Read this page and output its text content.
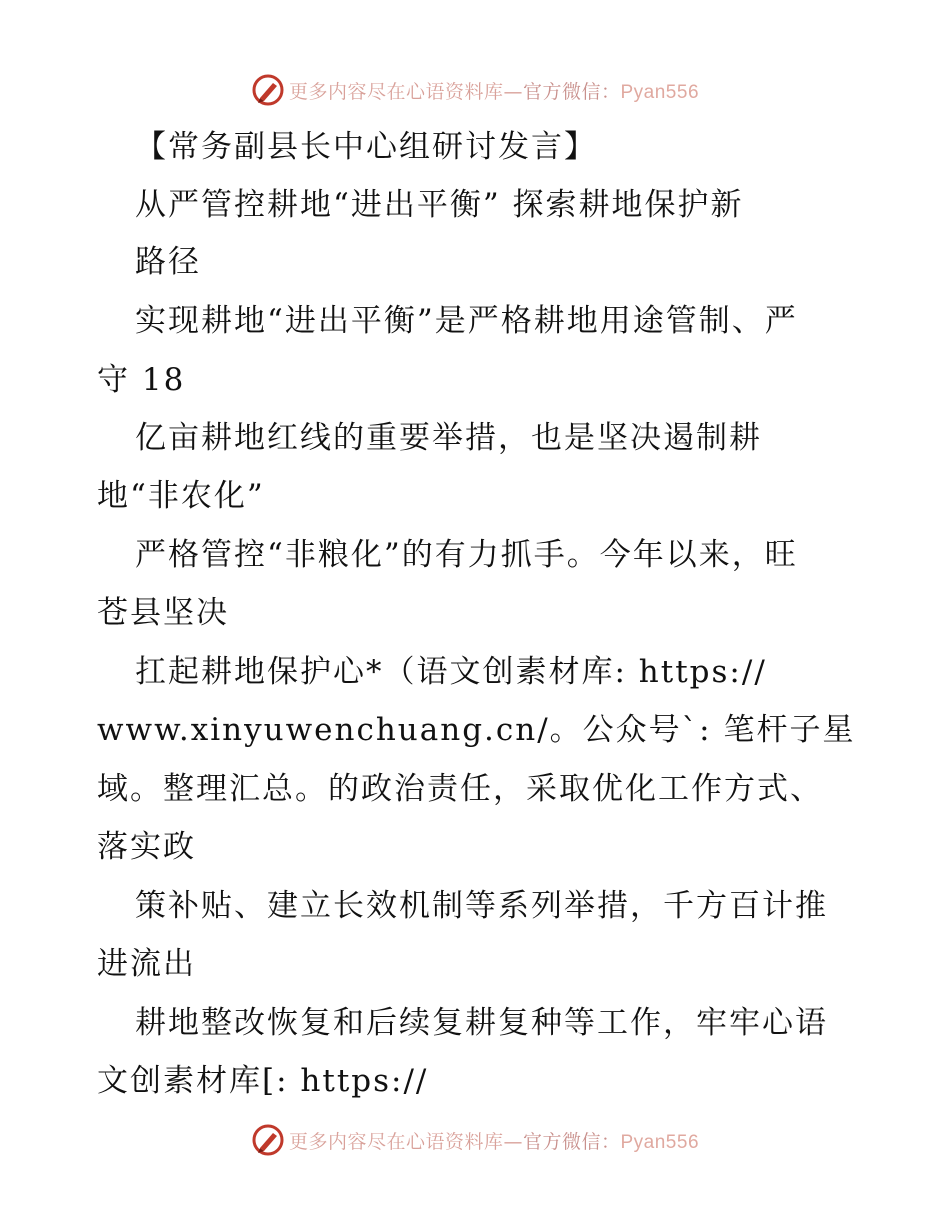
更多内容尽在心语资料库—官方微信：Pyan556
【常务副县长中心组研讨发言】
从严管控耕地“进出平衡” 探索耕地保护新
路径
实现耕地“进出平衡”是严格耕地用途管制、严
守 18
亿亩耕地红线的重要举措，也是坚决遏制耕
地“非农化”
严格管控“非粮化”的有力抓手。今年以来，旺
苍县坚决
扛起耕地保护心*（语文创素材库: https://
www.xinyuwenchuang.cn/。公众号`: 笔杆子星
域。整理汇总。的政治责任，采取优化工作方式、
落实政
策补贴、建立长效机制等系列举措，千方百计推
进流出
耕地整改恢复和后续复耕复种等工作，牢牢心语
文创素材库[: https://
更多内容尽在心语资料库—官方微信：Pyan556
